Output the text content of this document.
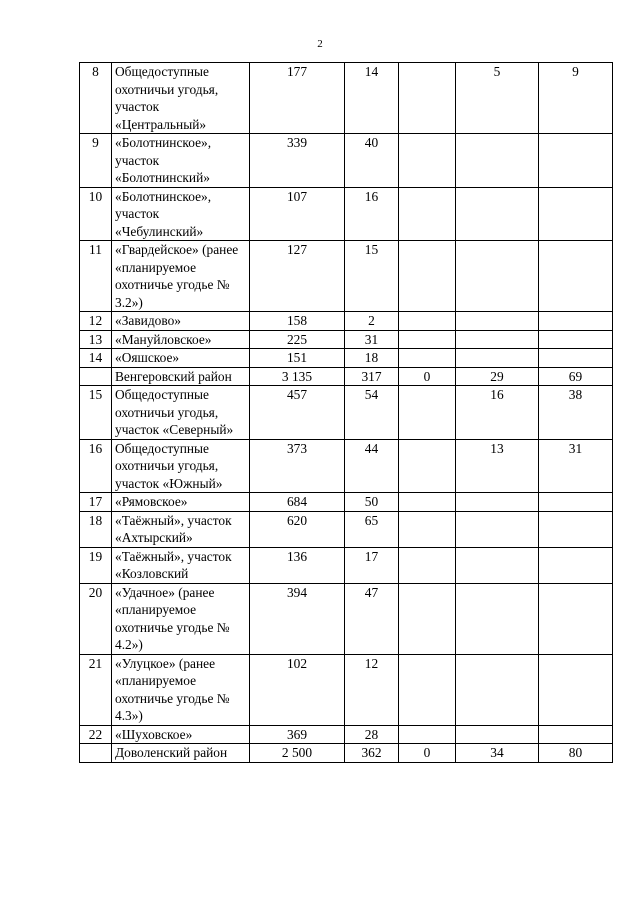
2
8	Общедоступные охотничьи угодья, участок «Центральный»	177	14		5	9
9	«Болотнинское», участок «Болотнинский»	339	40			
10	«Болотнинское», участок «Чебулинский»	107	16			
11	«Гвардейское» (ранее «планируемое охотничье угодье № 3.2»)	127	15			
12	«Завидово»	158	2			
13	«Мануйловское»	225	31			
14	«Ояшское»	151	18			
	Венгеровский район	3 135	317	0	29	69
15	Общедоступные охотничьи угодья, участок «Северный»	457	54		16	38
16	Общедоступные охотничьи угодья, участок «Южный»	373	44		13	31
17	«Рямовское»	684	50			
18	«Таёжный», участок «Ахтырский»	620	65			
19	«Таёжный», участок «Козловский	136	17			
20	«Удачное» (ранее «планируемое охотничье угодье № 4.2»)	394	47			
21	«Улуцкое» (ранее «планируемое охотничье угодье № 4.3»)	102	12			
22	«Шуховское»	369	28			
	Доволенский район	2 500	362	0	34	80
